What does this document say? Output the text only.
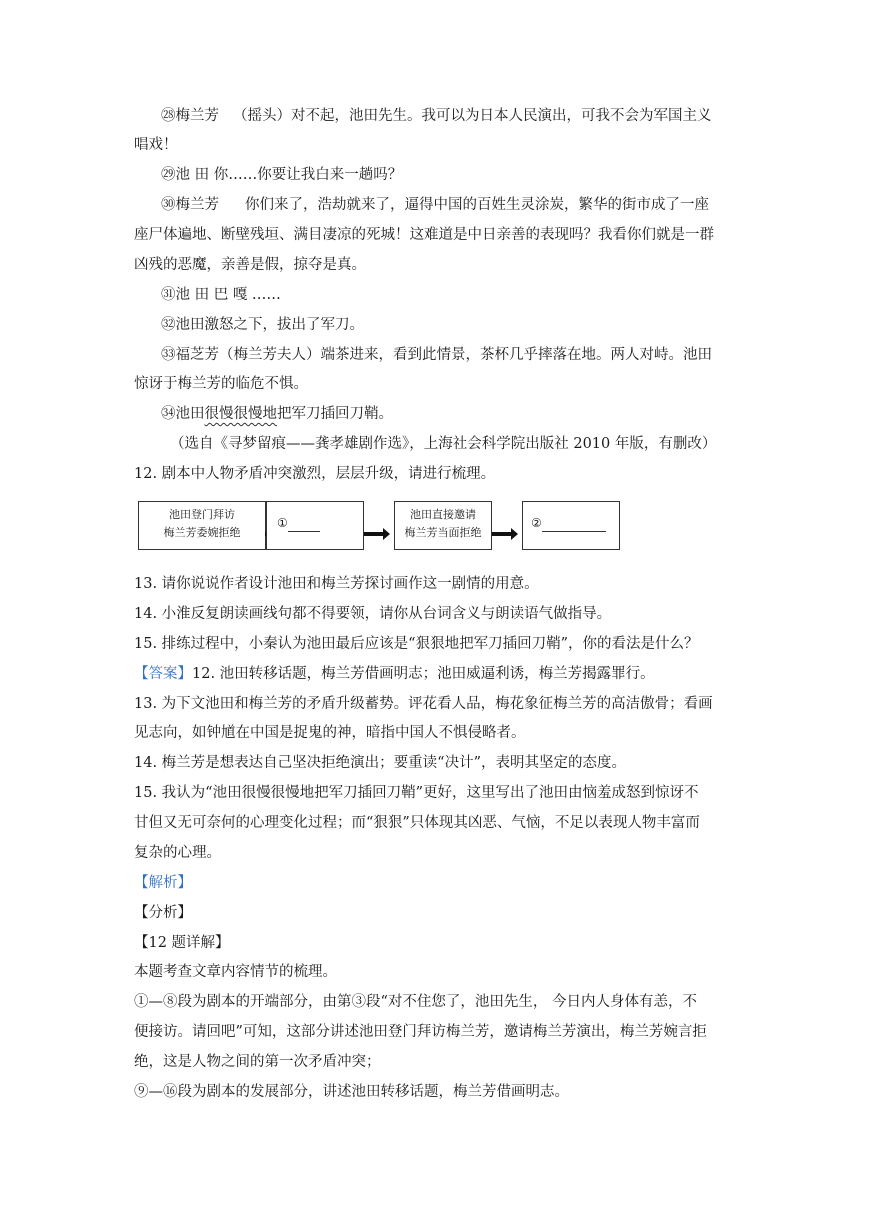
㉘梅兰芳 （摇头）对不起，池田先生。我可以为日本人民演出，可我不会为军国主义
唱戏！
㉙池 田 你……你要让我白来一趟吗？
㉚梅兰芳 你们来了，浩劫就来了，逼得中国的百姓生灵涂炭，繁华的街市成了一座
座尸体遍地、断壁残垣、满目凄凉的死城！这难道是中日亲善的表现吗？我看你们就是一群
凶残的恶魔，亲善是假，掠夺是真。
㉛池 田 巴 嘎 ……
㉜池田激怒之下，拔出了军刀。
㉝福芝芳（梅兰芳夫人）端茶进来，看到此情景，茶杯几乎摔落在地。两人对峙。池田
惊讶于梅兰芳的临危不惧。
㉞池田很慢很慢地把军刀插回刀鞘。
（选自《寻梦留痕——龚孝雄剧作选》，上海社会科学院出版社 2010 年版，有删改）
12. 剧本中人物矛盾冲突激烈，层层升级，请进行梳理。
池田登门拜访
梅兰芳委婉拒绝
①
池田直接邀请
梅兰芳当面拒绝
②
13. 请你说说作者设计池田和梅兰芳探讨画作这一剧情的用意。
14. 小淮反复朗读画线句都不得要领，请你从台词含义与朗读语气做指导。
15. 排练过程中，小秦认为池田最后应该是“狠狠地把军刀插回刀鞘”，你的看法是什么？
【答案】12. 池田转移话题，梅兰芳借画明志；池田威逼利诱，梅兰芳揭露罪行。
13. 为下文池田和梅兰芳的矛盾升级蓄势。评花看人品，梅花象征梅兰芳的高洁傲骨；看画
见志向，如钟馗在中国是捉鬼的神，暗指中国人不惧侵略者。
14. 梅兰芳是想表达自己坚决拒绝演出；要重读“决计”，表明其坚定的态度。
15. 我认为“池田很慢很慢地把军刀插回刀鞘”更好，这里写出了池田由恼羞成怒到惊讶不
甘但又无可奈何的心理变化过程；而“狠狠”只体现其凶恶、气恼，不足以表现人物丰富而
复杂的心理。
【解析】
【分析】
【12 题详解】
本题考查文章内容情节的梳理。
①—⑧段为剧本的开端部分，由第③段“对不住您了，池田先生， 今日内人身体有恙，不
便接访。请回吧”可知，这部分讲述池田登门拜访梅兰芳，邀请梅兰芳演出，梅兰芳婉言拒
绝，这是人物之间的第一次矛盾冲突；
⑨—⑯段为剧本的发展部分，讲述池田转移话题，梅兰芳借画明志。
